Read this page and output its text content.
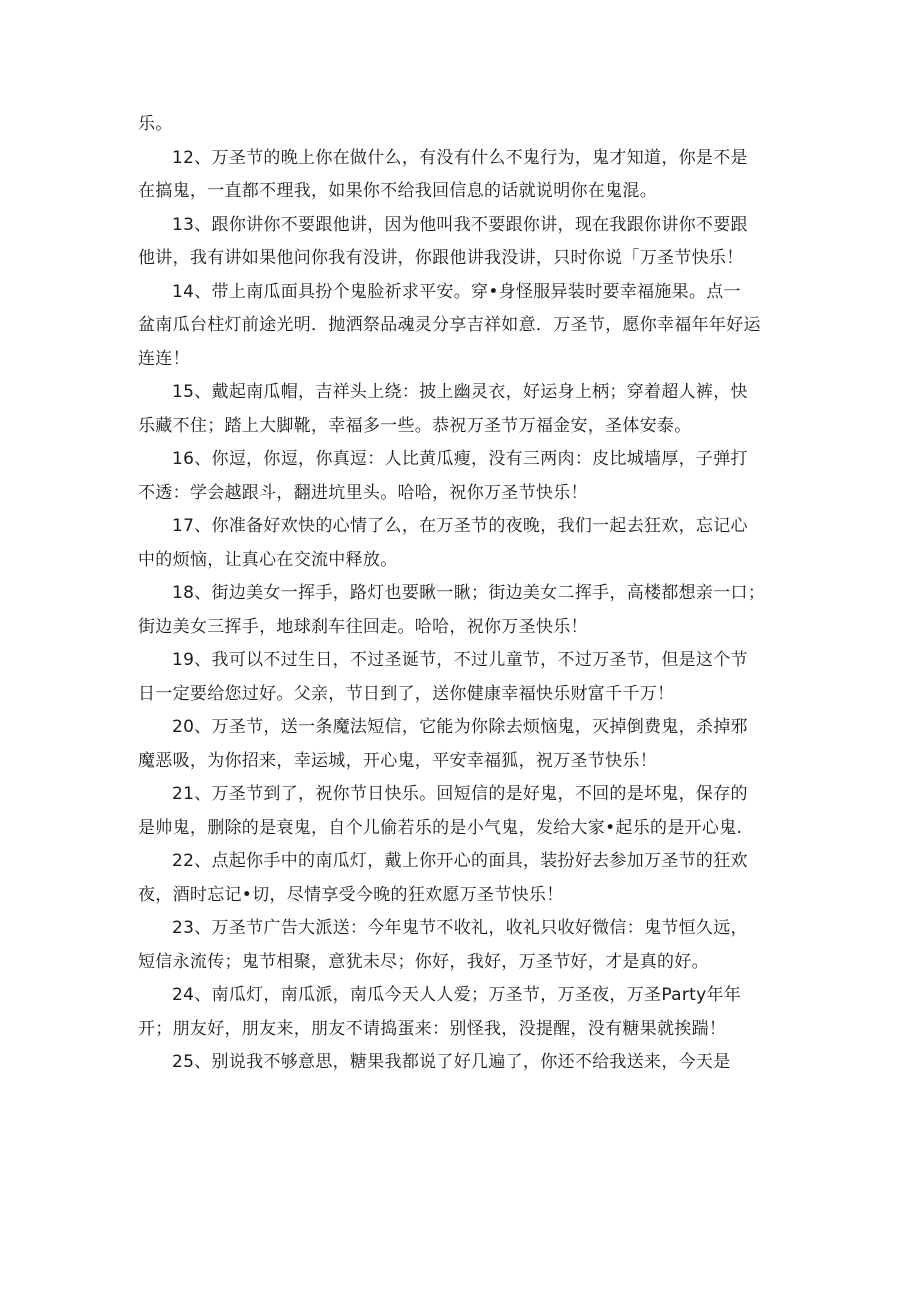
乐。
12、万圣节的晚上你在做什么，有没有什么不鬼行为，鬼才知道，你是不是
在搞鬼，一直都不理我，如果你不给我回信息的话就说明你在鬼混。
13、跟你讲你不要跟他讲，因为他叫我不要跟你讲，现在我跟你讲你不要跟
他讲，我有讲如果他问你我有没讲，你跟他讲我没讲，只时你说「万圣节快乐！
14、带上南瓜面具扮个鬼脸祈求平安。穿•身怪服异装时要幸福施果。点一
盆南瓜台柱灯前途光明．抛洒祭品魂灵分享吉祥如意．万圣节，愿你幸福年年好运
连连！
15、戴起南瓜帽，吉祥头上绕：披上幽灵衣，好运身上柄；穿着超人裤，快
乐藏不住；踏上大脚靴，幸福多一些。恭祝万圣节万福金安，圣体安泰。
16、你逗，你逗，你真逗：人比黄瓜瘦，没有三两肉：皮比城墙厚，子弹打
不透：学会越跟斗，翻进坑里头。哈哈，祝你万圣节快乐！
17、你准备好欢快的心情了么，在万圣节的夜晚，我们一起去狂欢，忘记心
中的烦恼，让真心在交流中释放。
18、街边美女一挥手，路灯也要瞅一瞅；街边美女二挥手，高楼都想亲一口；
街边美女三挥手，地球刹车往回走。哈哈，祝你万圣快乐！
19、我可以不过生日，不过圣诞节，不过儿童节，不过万圣节，但是这个节
日一定要给您过好。父亲，节日到了，送你健康幸福快乐财富千千万！
20、万圣节，送一条魔法短信，它能为你除去烦恼鬼，灭掉倒费鬼，杀掉邪
魔恶吸，为你招来，幸运城，开心鬼，平安幸福狐，祝万圣节快乐！
21、万圣节到了，祝你节日快乐。回短信的是好鬼，不回的是坏鬼，保存的
是帅鬼，删除的是衰鬼，自个儿偷若乐的是小气鬼，发给大家•起乐的是开心鬼.
22、点起你手中的南瓜灯，戴上你开心的面具，装扮好去参加万圣节的狂欢
夜，酒时忘记•切，尽情享受今晚的狂欢愿万圣节快乐！
23、万圣节广告大派送：今年鬼节不收礼，收礼只收好微信：鬼节恒久远，
短信永流传；鬼节相聚，意犹未尽；你好，我好，万圣节好，才是真的好。
24、南瓜灯，南瓜派，南瓜今天人人爱；万圣节，万圣夜，万圣Party年年
开；朋友好，朋友来，朋友不请捣蛋来：别怪我，没提醒，没有糖果就挨踹！
25、别说我不够意思，糖果我都说了好几遍了，你还不给我送来，今天是
